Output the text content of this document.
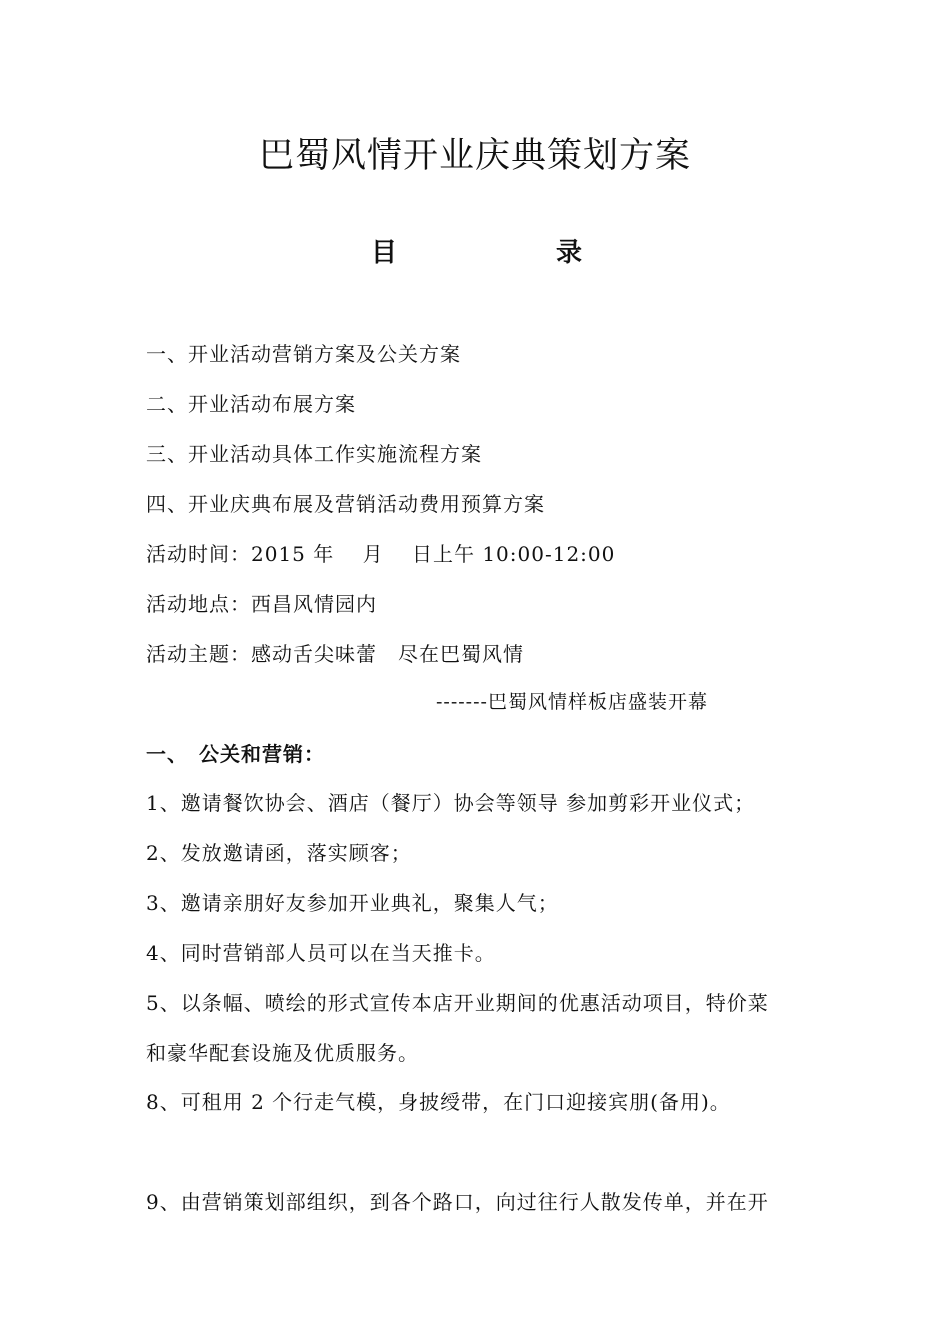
巴蜀风情开业庆典策划方案
目	录
一、开业活动营销方案及公关方案
二、开业活动布展方案
三、开业活动具体工作实施流程方案
四、开业庆典布展及营销活动费用预算方案
活动时间：2015 年　 月　 日上午 10:00-12:00
活动地点：西昌风情园内
活动主题：感动舌尖味蕾　尽在巴蜀风情
-------巴蜀风情样板店盛装开幕
一、　公关和营销：
1、邀请餐饮协会、酒店（餐厅）协会等领导 参加剪彩开业仪式；
2、发放邀请函，落实顾客；
3、邀请亲朋好友参加开业典礼，聚集人气；
4、同时营销部人员可以在当天推卡。
5、以条幅、喷绘的形式宣传本店开业期间的优惠活动项目，特价菜
和豪华配套设施及优质服务。
8、可租用 2 个行走气模，身披绶带，在门口迎接宾朋(备用)。
9、由营销策划部组织，到各个路口，向过往行人散发传单，并在开
